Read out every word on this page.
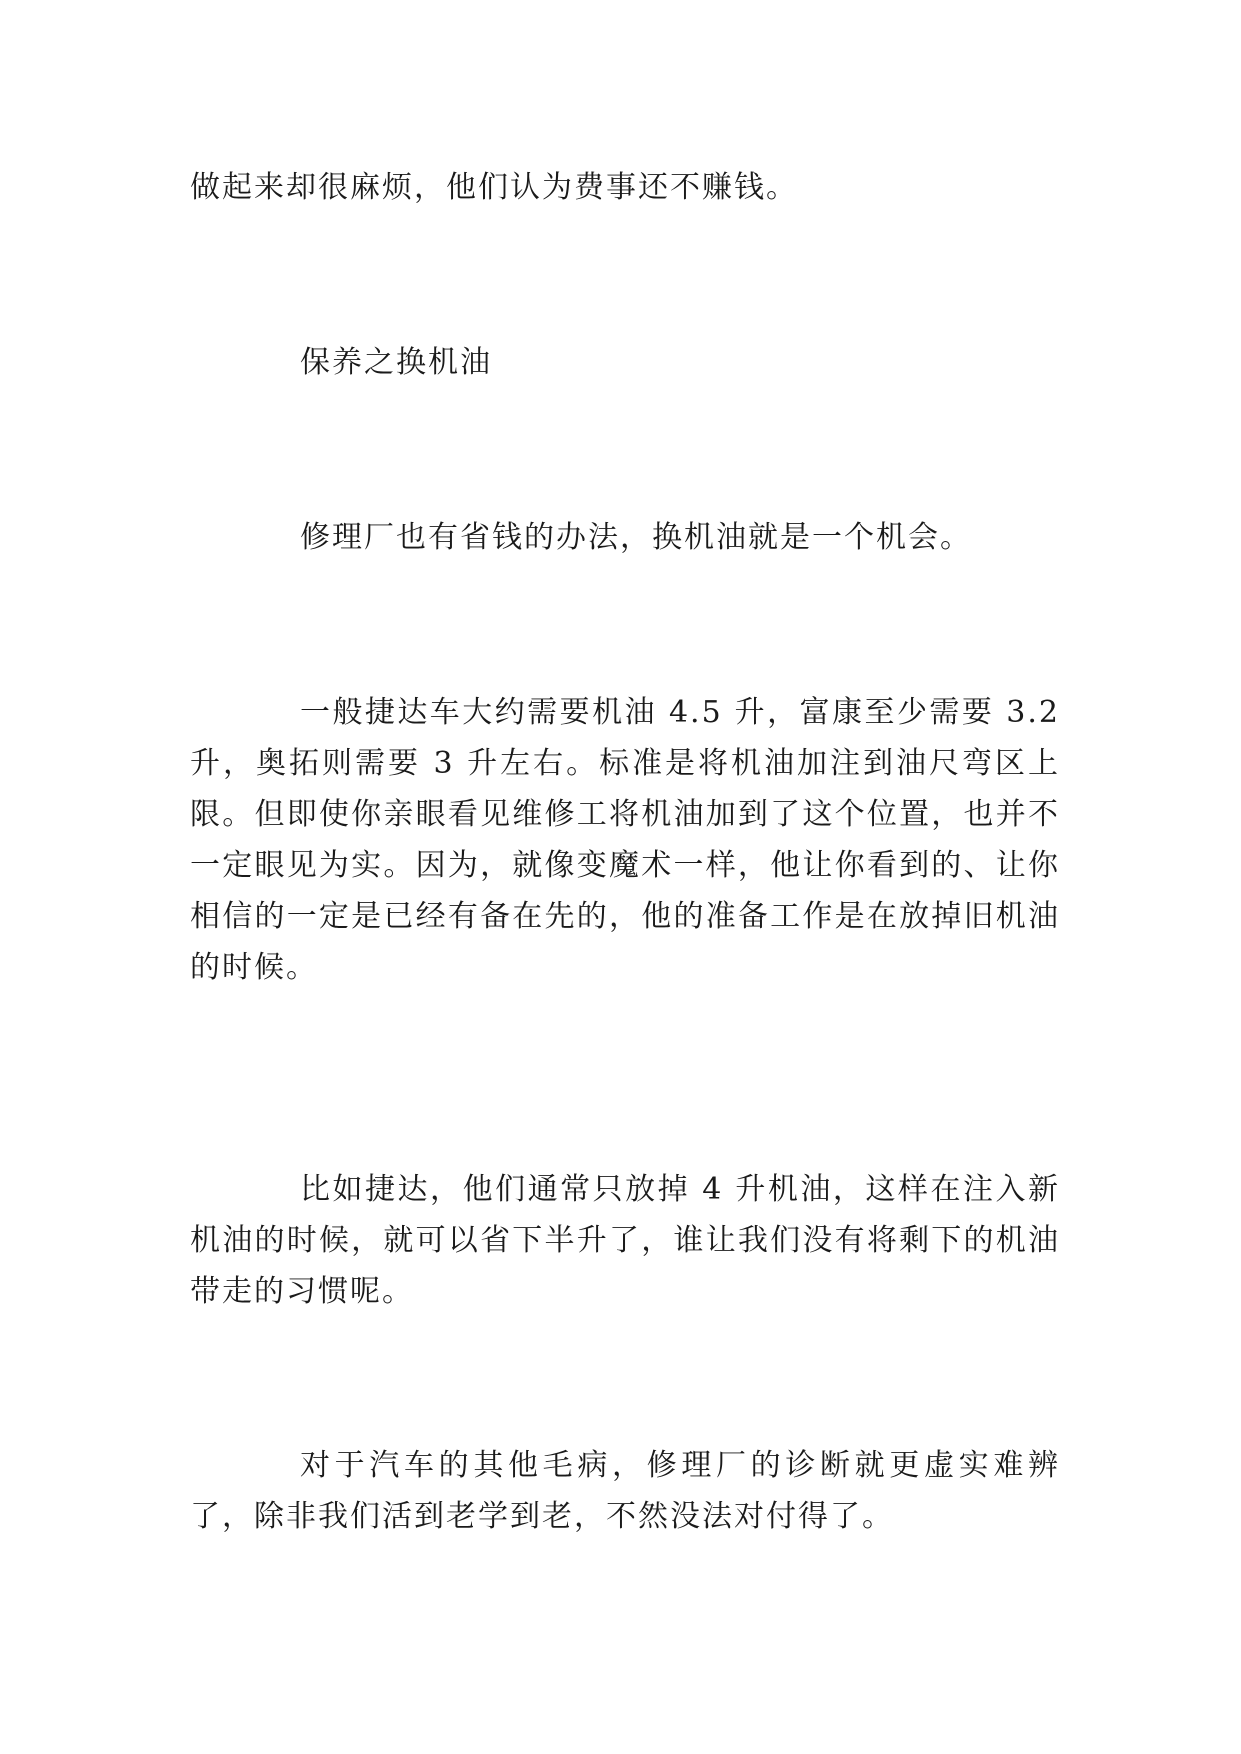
做起来却很麻烦，他们认为费事还不赚钱。

保养之换机油

修理厂也有省钱的办法，换机油就是一个机会。

一般捷达车大约需要机油 4.5 升，富康至少需要 3.2 升，奥拓则需要 3 升左右。标准是将机油加注到油尺弯区上限。但即使你亲眼看见维修工将机油加到了这个位置，也并不一定眼见为实。因为，就像变魔术一样，他让你看到的、让你相信的一定是已经有备在先的，他的准备工作是在放掉旧机油的时候。

比如捷达，他们通常只放掉 4 升机油，这样在注入新机油的时候，就可以省下半升了，谁让我们没有将剩下的机油带走的习惯呢。

对于汽车的其他毛病，修理厂的诊断就更虚实难辨了，除非我们活到老学到老，不然没法对付得了。
